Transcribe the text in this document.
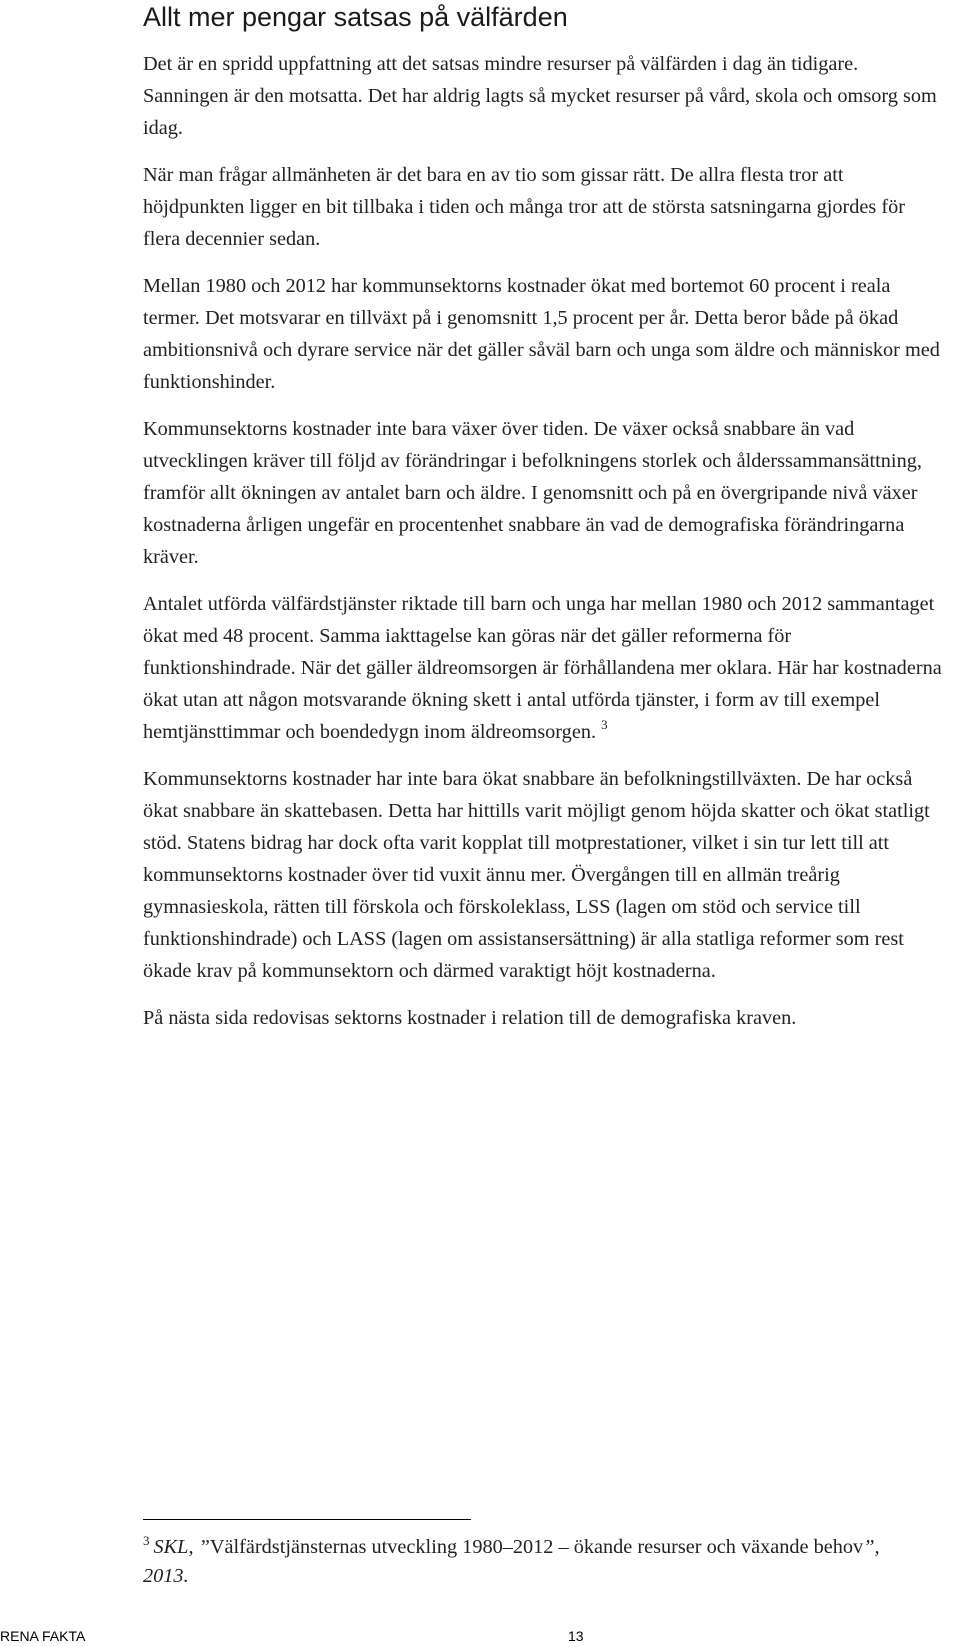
Allt mer pengar satsas på välfärden

Det är en spridd uppfattning att det satsas mindre resurser på välfärden i dag än tidigare. Sanningen är den motsatta. Det har aldrig lagts så mycket resurser på vård, skola och omsorg som idag.

När man frågar allmänheten är det bara en av tio som gissar rätt. De allra flesta tror att höjdpunkten ligger en bit tillbaka i tiden och många tror att de största satsningarna gjordes för flera decennier sedan.

Mellan 1980 och 2012 har kommunsektorns kostnader ökat med bortemot 60 procent i reala termer. Det motsvarar en tillväxt på i genomsnitt 1,5 procent per år. Detta beror både på ökad ambitionsnivå och dyrare service när det gäller såväl barn och unga som äldre och människor med funktionshinder.

Kommunsektorns kostnader inte bara växer över tiden. De växer också snabbare än vad utvecklingen kräver till följd av förändringar i befolkningens storlek och ålderssammansättning, framför allt ökningen av antalet barn och äldre. I genomsnitt och på en övergripande nivå växer kostnaderna årligen ungefär en procentenhet snabbare än vad de demografiska förändringarna kräver.

Antalet utförda välfärdstjänster riktade till barn och unga har mellan 1980 och 2012 sammantaget ökat med 48 procent. Samma iakttagelse kan göras när det gäller reformerna för funktionshindrade. När det gäller äldreomsorgen är förhållandena mer oklara. Här har kostnaderna ökat utan att någon motsvarande ökning skett i antal utförda tjänster, i form av till exempel hemtjänsttimmar och boendedygn inom äldreomsorgen. $^3$

Kommunsektorns kostnader har inte bara ökat snabbare än befolkningstillväxten. De har också ökat snabbare än skattebasen. Detta har hittills varit möjligt genom höjda skatter och ökat statligt stöd. Statens bidrag har dock ofta varit kopplat till motprestationer, vilket i sin tur lett till att kommunsektorns kostnader över tid vuxit ännu mer. Övergången till en allmän treårig gymnasieskola, rätten till förskola och förskoleklass, LSS (lagen om stöd och service till funktionshindrade) och LASS (lagen om assistansersättning) är alla statliga reformer som rest ökade krav på kommunsektorn och därmed varaktigt höjt kostnaderna.

På nästa sida redovisas sektorns kostnader i relation till de demografiska kraven.

$^3$ SKL, ”Välfärdstjänsternas utveckling 1980–2012 – ökande resurser och växande behov”, 2013.

RENA FAKTA	13
